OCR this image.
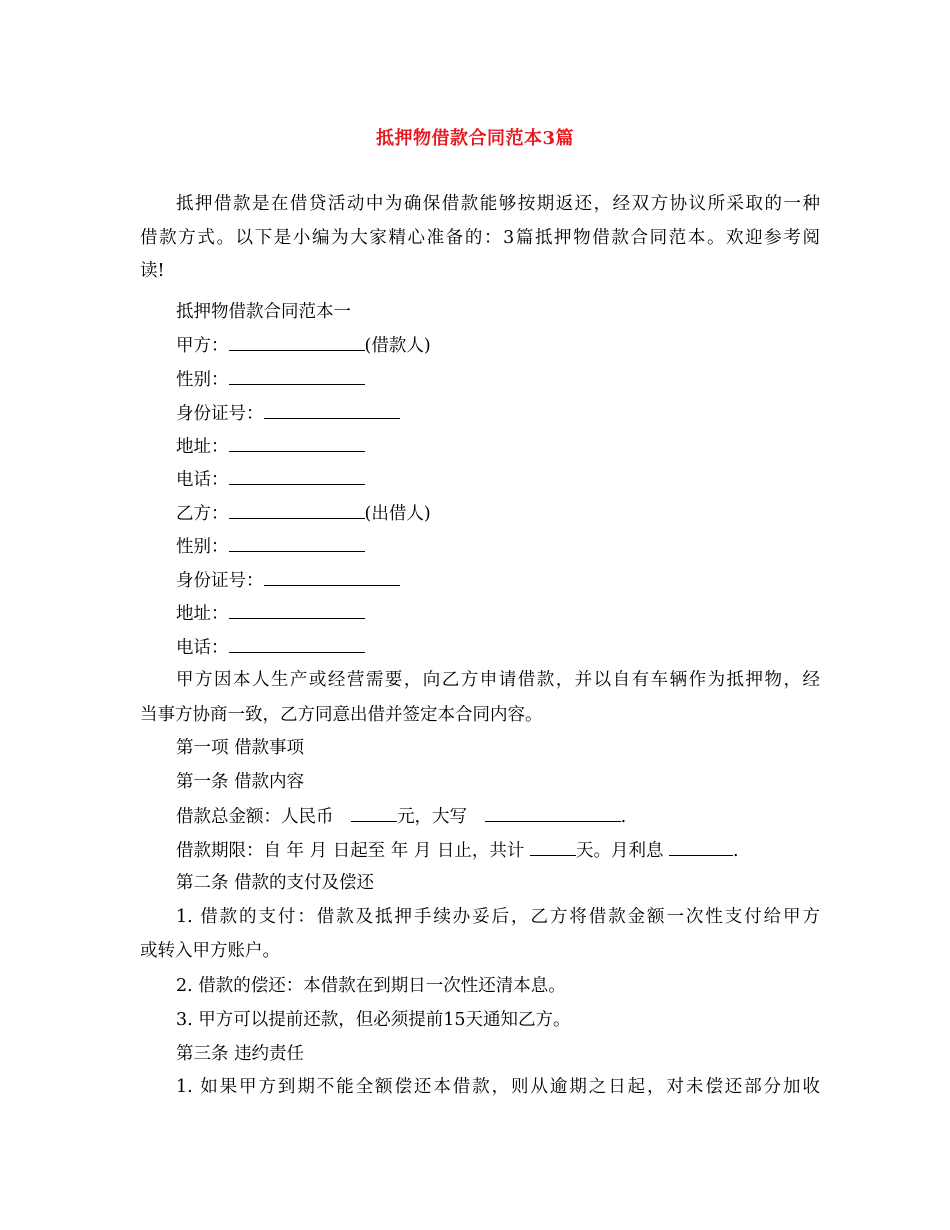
抵押物借款合同范本3篇
抵押借款是在借贷活动中为确保借款能够按期返还，经双方协议所采取的一种
借款方式。以下是小编为大家精心准备的：3篇抵押物借款合同范本。欢迎参考阅
读!
抵押物借款合同范本一
甲方：	(借款人)
性别：
身份证号：
地址：
电话：
乙方：	(出借人)
性别：
身份证号：
地址：
电话：
甲方因本人生产或经营需要，向乙方申请借款，并以自有车辆作为抵押物，经
当事方协商一致，乙方同意出借并签定本合同内容。
第一项 借款事项
第一条 借款内容
借款总金额：人民币	元，大写	.
借款期限：自 年 月 日起至 年 月 日止，共计	天。月利息	.
第二条 借款的支付及偿还
1. 借款的支付：借款及抵押手续办妥后，乙方将借款金额一次性支付给甲方
或转入甲方账户。
2. 借款的偿还：本借款在到期日一次性还清本息。
3. 甲方可以提前还款，但必须提前15天通知乙方。
第三条 违约责任
1. 如果甲方到期不能全额偿还本借款，则从逾期之日起，对未偿还部分加收
